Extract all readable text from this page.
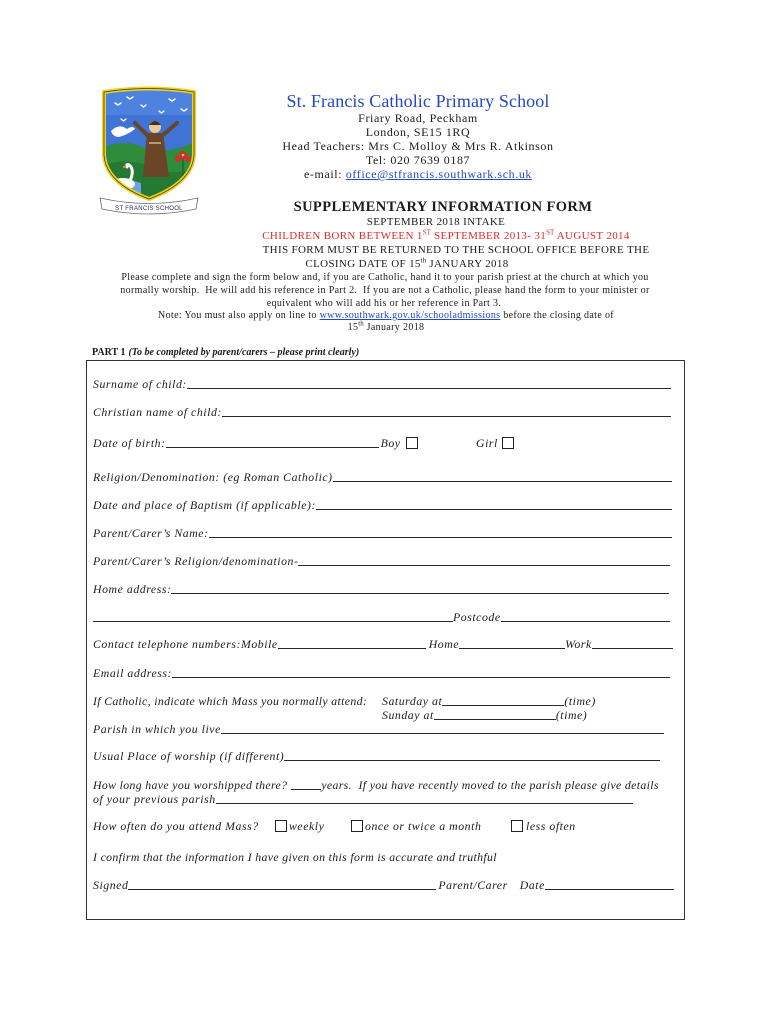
ST FRANCIS SCHOOL
St. Francis Catholic Primary School
Friary Road, Peckham
London, SE15 1RQ
Head Teachers: Mrs C. Molloy & Mrs R. Atkinson
Tel: 020 7639 0187
e-mail: office@stfrancis.southwark.sch.uk
SUPPLEMENTARY INFORMATION FORM
SEPTEMBER 2018 INTAKE
CHILDREN BORN BETWEEN 1ST SEPTEMBER 2013- 31ST AUGUST 2014
THIS FORM MUST BE RETURNED TO THE SCHOOL OFFICE BEFORE THE
CLOSING DATE OF 15th JANUARY 2018
Please complete and sign the form below and, if you are Catholic, hand it to your parish priest at the church at which you
normally worship.  He will add his reference in Part 2.  If you are not a Catholic, please hand the form to your minister or
equivalent who will add his or her reference in Part 3.
Note: You must also apply on line to www.southwark.gov.uk/schooladmissions before the closing date of
15th January 2018
PART 1 (To be completed by parent/carers – please print clearly)
Surname of child:
Christian name of child:
Date of birth:	Boy	Girl
Religion/Denomination: (eg Roman Catholic)
Date and place of Baptism (if applicable):
Parent/Carer’s Name:
Parent/Carer’s Religion/denomination-
Home address:
Postcode
Contact telephone numbers:Mobile	Home	Work
Email address:
If Catholic, indicate which Mass you normally attend: Saturday at	(time)
Sunday at	(time)
Parish in which you live
Usual Place of worship (if different)
How long have you worshipped there?	years.  If you have recently moved to the parish please give details
of your previous parish
How often do you attend Mass?	weekly	once or twice a month	less often
I confirm that the information I have given on this form is accurate and truthful
Signed	Parent/Carer Date
